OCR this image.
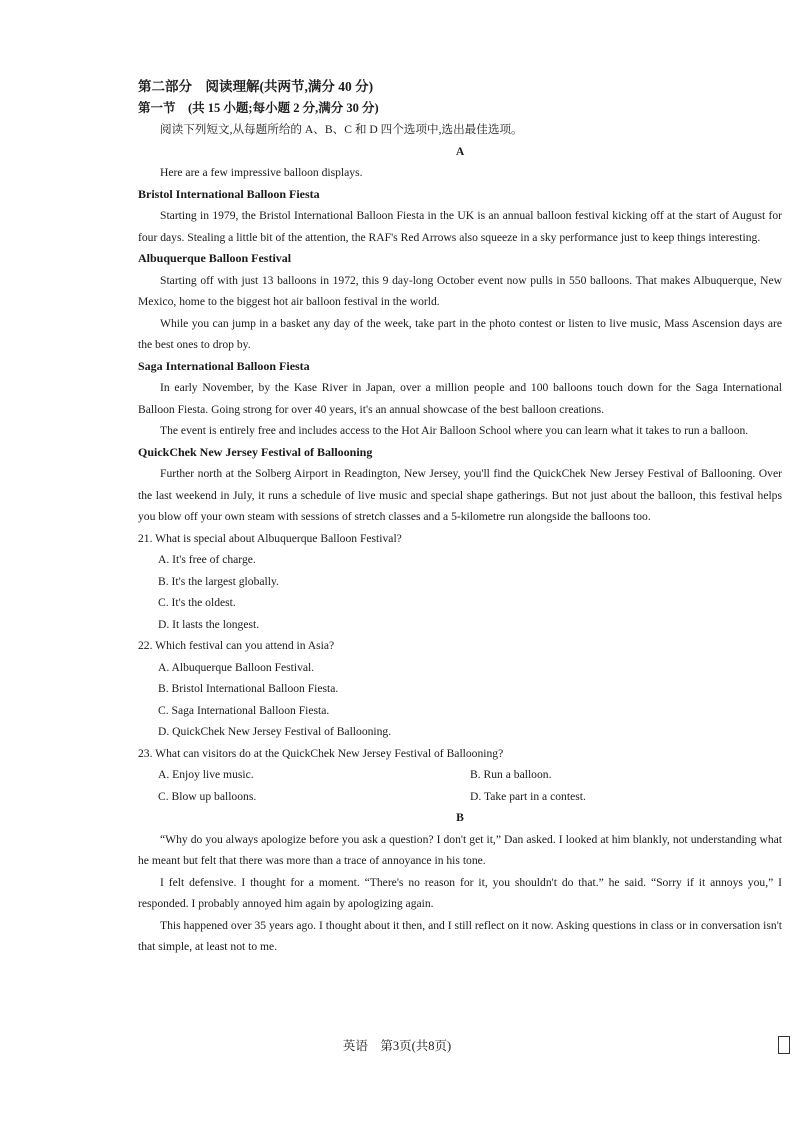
第二部分　阅读理解(共两节,满分 40 分)
第一节　(共 15 小题;每小题 2 分,满分 30 分)

阅读下列短文,从每题所给的 A、B、C 和 D 四个选项中,选出最佳选项。

A

Here are a few impressive balloon displays.

Bristol International Balloon Fiesta

Starting in 1979, the Bristol International Balloon Fiesta in the UK is an annual balloon festival kicking off at the start of August for four days. Stealing a little bit of the attention, the RAF's Red Arrows also squeeze in a sky performance just to keep things interesting.

Albuquerque Balloon Festival

Starting off with just 13 balloons in 1972, this 9 day-long October event now pulls in 550 balloons. That makes Albuquerque, New Mexico, home to the biggest hot air balloon festival in the world.

While you can jump in a basket any day of the week, take part in the photo contest or listen to live music, Mass Ascension days are the best ones to drop by.

Saga International Balloon Fiesta

In early November, by the Kase River in Japan, over a million people and 100 balloons touch down for the Saga International Balloon Fiesta. Going strong for over 40 years, it's an annual showcase of the best balloon creations.

The event is entirely free and includes access to the Hot Air Balloon School where you can learn what it takes to run a balloon.

QuickChek New Jersey Festival of Ballooning

Further north at the Solberg Airport in Readington, New Jersey, you'll find the QuickChek New Jersey Festival of Ballooning. Over the last weekend in July, it runs a schedule of live music and special shape gatherings. But not just about the balloon, this festival helps you blow off your own steam with sessions of stretch classes and a 5-kilometre run alongside the balloons too.

21. What is special about Albuquerque Balloon Festival?

A. It's free of charge.

B. It's the largest globally.

C. It's the oldest.

D. It lasts the longest.

22. Which festival can you attend in Asia?

A. Albuquerque Balloon Festival.

B. Bristol International Balloon Fiesta.

C. Saga International Balloon Fiesta.

D. QuickChek New Jersey Festival of Ballooning.

23. What can visitors do at the QuickChek New Jersey Festival of Ballooning?

A. Enjoy live music.	B. Run a balloon.
C. Blow up balloons.	D. Take part in a contest.

B

“Why do you always apologize before you ask a question? I don't get it,” Dan asked. I looked at him blankly, not understanding what he meant but felt that there was more than a trace of annoyance in his tone.

I felt defensive. I thought for a moment. “There's no reason for it, you shouldn't do that.” he said. “Sorry if it annoys you,” I responded. I probably annoyed him again by apologizing again.

This happened over 35 years ago. I thought about it then, and I still reflect on it now. Asking questions in class or in conversation isn't that simple, at least not to me.

英语　第3页(共8页)
